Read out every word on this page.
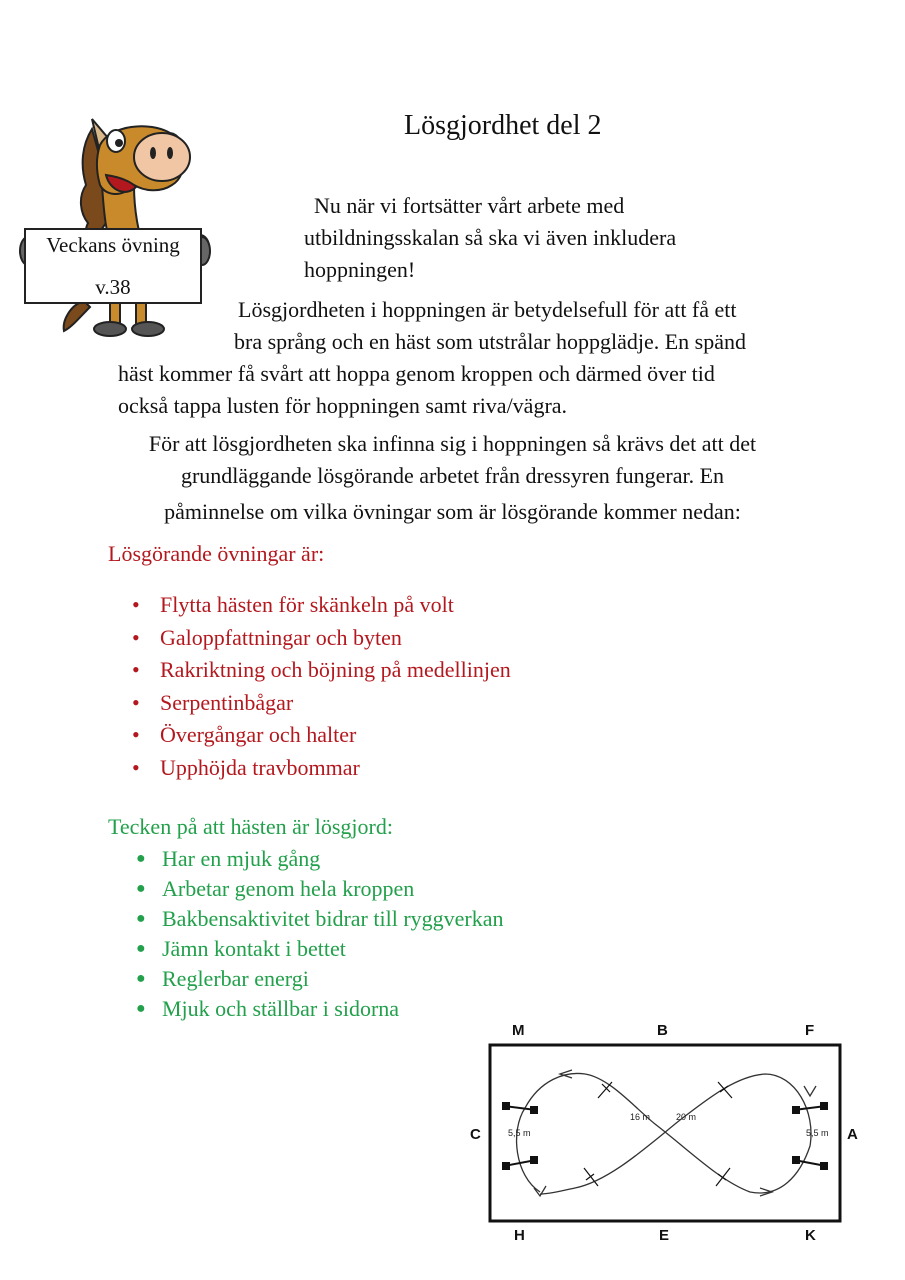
Veckans övning
v.38
Lösgjordhet del 2
Nu när vi fortsätter vårt arbete med
utbildningsskalan så ska vi även inkludera
hoppningen!
Lösgjordheten i hoppningen är betydelsefull för att få ett
bra språng och en häst som utstrålar hoppglädje. En spänd
häst kommer få svårt att hoppa genom kroppen och därmed över tid
också tappa lusten för hoppningen samt riva/vägra.
För att lösgjordheten ska infinna sig i hoppningen så krävs det att det
grundläggande lösgörande arbetet från dressyren fungerar. En
påminnelse om vilka övningar som är lösgörande kommer nedan:
Lösgörande övningar är:
• Flytta hästen för skänkeln på volt
• Galoppfattningar och byten
• Rakriktning och böjning på medellinjen
• Serpentinbågar
• Övergångar och halter
• Upphöjda travbommar
Tecken på att hästen är lösgjord:
● Har en mjuk gång
● Arbetar genom hela kroppen
● Bakbensaktivitet bidrar till ryggverkan
● Jämn kontakt i bettet
● Reglerbar energi
● Mjuk och ställbar i sidorna
5,5 m	5,5 m
16 m	20 m
M	B	F
C	A
H	E	K
